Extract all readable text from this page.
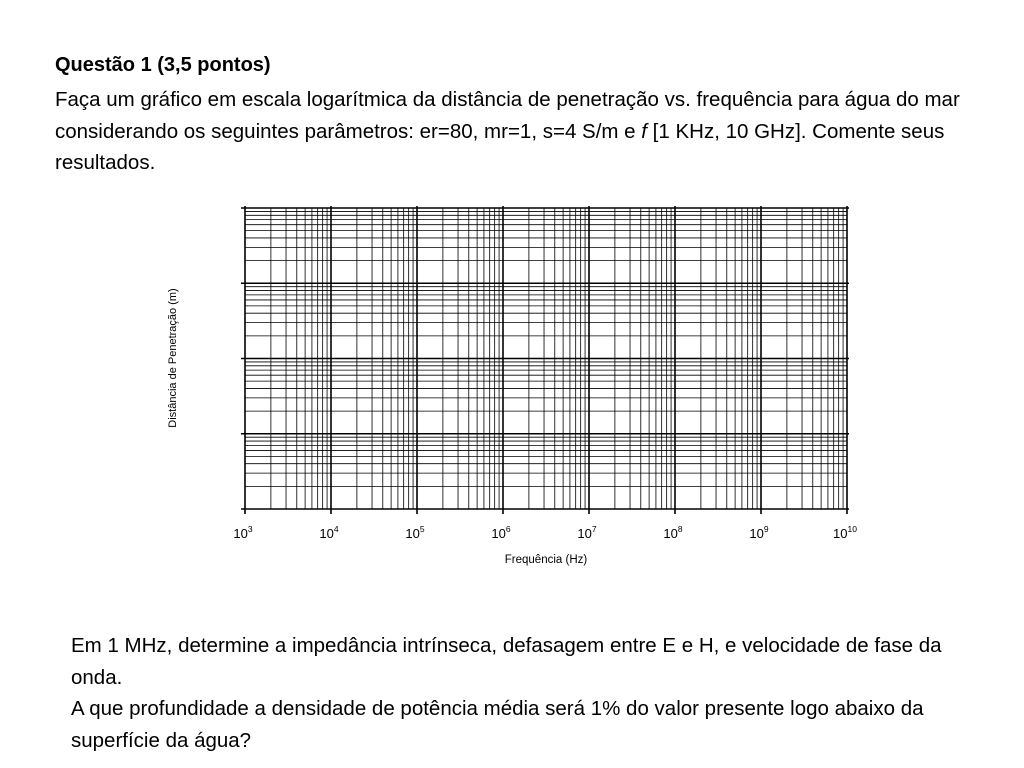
Questão 1 (3,5 pontos)

Faça um gráfico em escala logarítmica da distância de penetração vs. frequência para água do mar considerando os seguintes parâmetros: er=80, mr=1, s=4 S/m e f [1 KHz, 10 GHz]. Comente seus resultados.

$10^3$	$10^4$	$10^5$	$10^6$	$10^7$	$10^8$	$10^9$	$10^{10}$
Distância de Penetração (m)
Frequência (Hz)

Em 1 MHz, determine a impedância intrínseca, defasagem entre E e H, e velocidade de fase da onda.

A que profundidade a densidade de potência média será 1% do valor presente logo abaixo da superfície da água?
